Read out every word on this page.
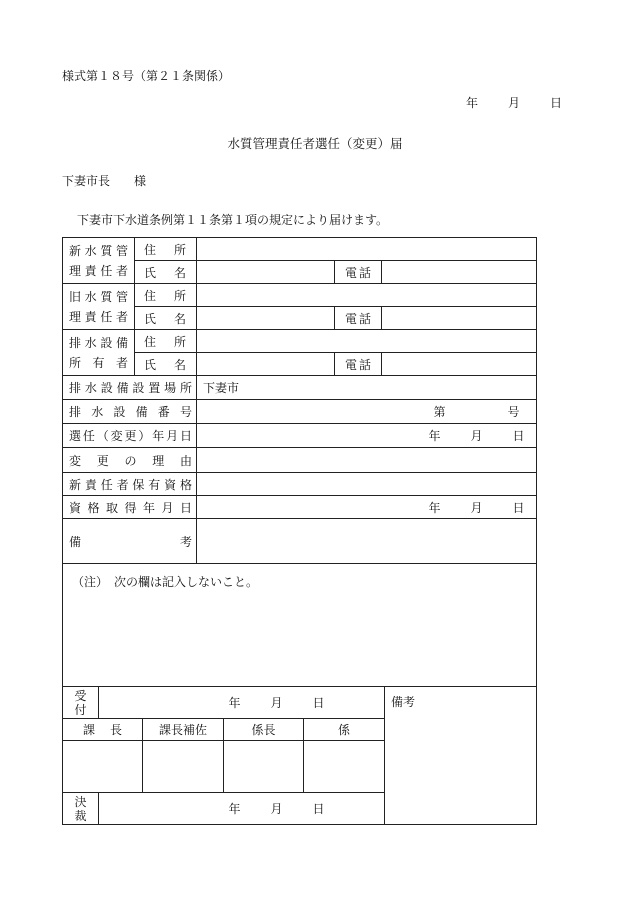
様式第１８号（第２１条関係）
年	月	日
水質管理責任者選任（変更）届
下妻市長 様
下妻市下水道条例第１１条第１項の規定により届けます。
新水質管
理責任者	住所			
	氏名		電話	

旧水質管
理責任者	住所			
	氏名		電話	

排水設備
所有者	住所			
	氏名		電話	
排水設備設置場所		下妻市		
排水設備番号		第 号		
選任（変更）年月日		年 月 日		
変更の理由				
新責任者保有資格				
資格取得年月日		年 月 日		
備考				
（注）　次の欄は記入しないこと。				
受
付	年 月 日				備考
課長		課長補佐	係長	係	

決
裁	年 月 日				
